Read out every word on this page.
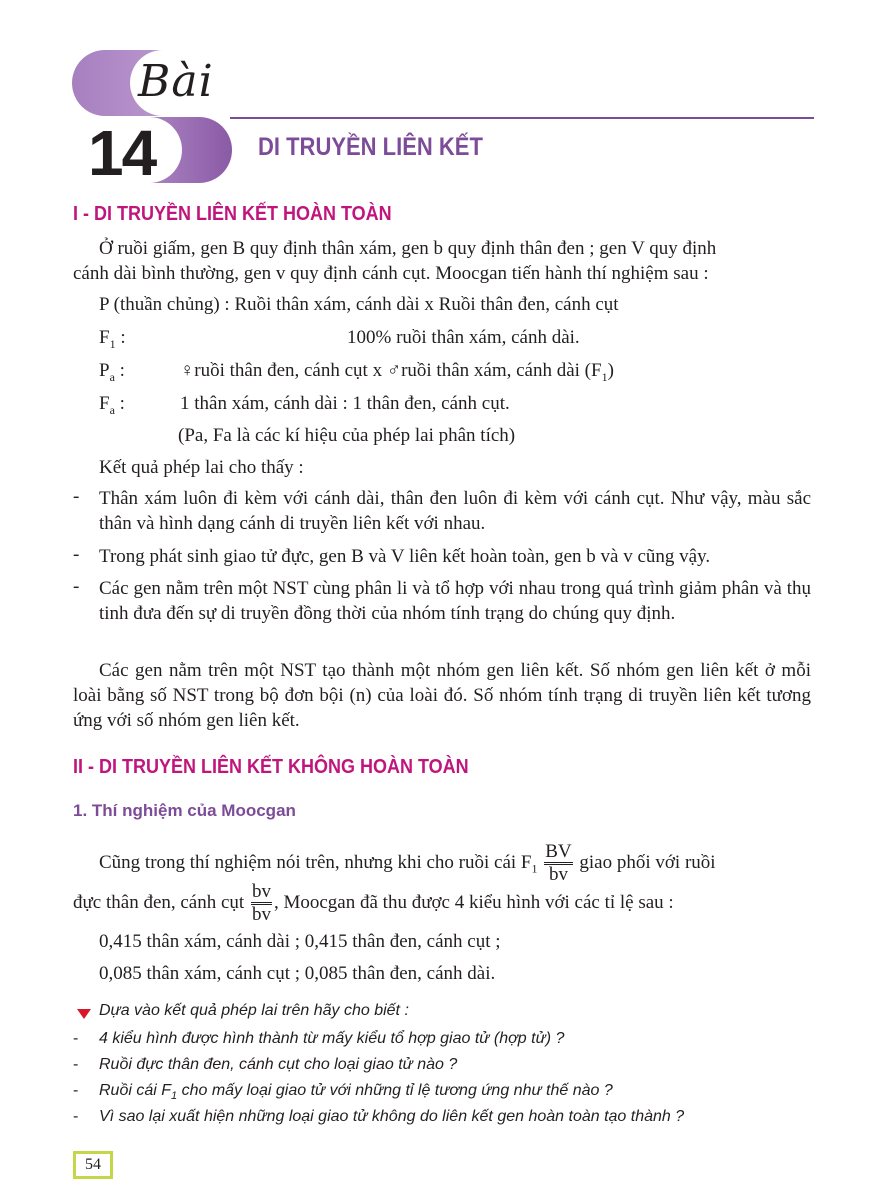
Bài
14	DI TRUYỀN LIÊN KẾT
I - DI TRUYỀN LIÊN KẾT HOÀN TOÀN
Ở ruồi giấm, gen B quy định thân xám, gen b quy định thân đen ; gen V quy định
cánh dài bình thường, gen v quy định cánh cụt. Moocgan tiến hành thí nghiệm sau :
P (thuần chủng) : Ruồi thân xám, cánh dài x Ruồi thân đen, cánh cụt
$F_1$ :	100% ruồi thân xám, cánh dài.
$P_a$ :	♀ruồi thân đen, cánh cụt x ♂ruồi thân xám, cánh dài $(F_1)$
$F_a$ :	1 thân xám, cánh dài : 1 thân đen, cánh cụt.
(Pa, Fa là các kí hiệu của phép lai phân tích)
Kết quả phép lai cho thấy :
- Thân xám luôn đi kèm với cánh dài, thân đen luôn đi kèm với cánh cụt. Như vậy, màu sắc thân và hình dạng cánh di truyền liên kết với nhau.
- Trong phát sinh giao tử đực, gen B và V liên kết hoàn toàn, gen b và v cũng vậy.
- Các gen nằm trên một NST cùng phân li và tổ hợp với nhau trong quá trình giảm phân và thụ tinh đưa đến sự di truyền đồng thời của nhóm tính trạng do chúng quy định.
Các gen nằm trên một NST tạo thành một nhóm gen liên kết. Số nhóm gen liên kết ở mỗi loài bằng số NST trong bộ đơn bội (n) của loài đó. Số nhóm tính trạng di truyền liên kết tương ứng với số nhóm gen liên kết.
II - DI TRUYỀN LIÊN KẾT KHÔNG HOÀN TOÀN
1. Thí nghiệm của Moocgan
Cũng trong thí nghiệm nói trên, nhưng khi cho ruồi cái $F_1 \frac{BV}{bv}$ giao phối với ruồi
đực thân đen, cánh cụt $\frac{bv}{bv}$ , Moocgan đã thu được 4 kiểu hình với các tỉ lệ sau :
0,415 thân xám, cánh dài ; 0,415 thân đen, cánh cụt ;
0,085 thân xám, cánh cụt ; 0,085 thân đen, cánh dài.
Dựa vào kết quả phép lai trên hãy cho biết :
- 4 kiểu hình được hình thành từ mấy kiểu tổ hợp giao tử (hợp tử) ?
- Ruồi đực thân đen, cánh cụt cho loại giao tử nào ?
- Ruồi cái $F_1$ cho mấy loại giao tử với những tỉ lệ tương ứng như thế nào ?
- Vì sao lại xuất hiện những loại giao tử không do liên kết gen hoàn toàn tạo thành ?
54
